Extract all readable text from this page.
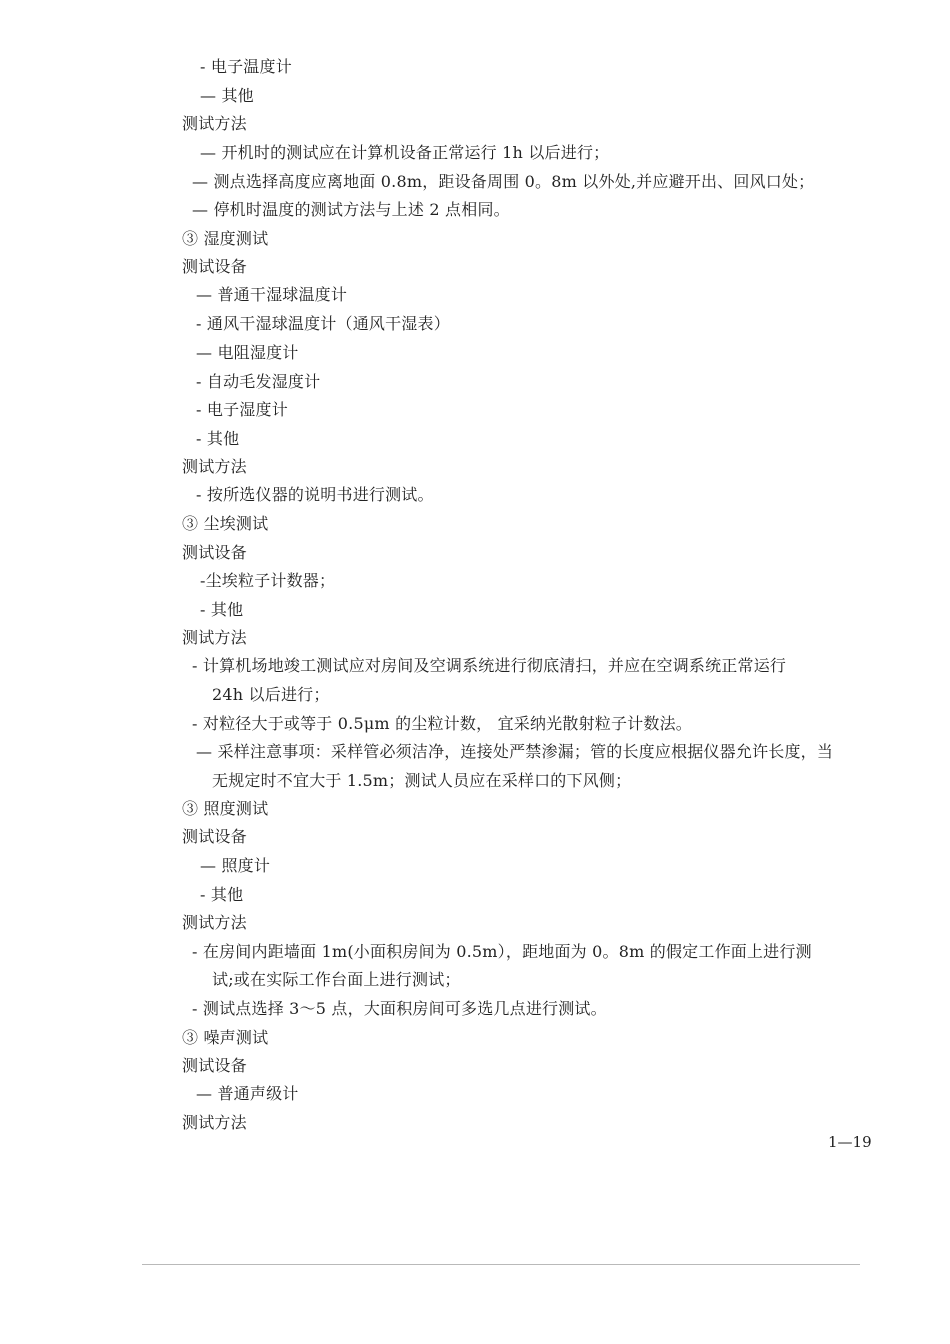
- 电子温度计
— 其他
测试方法
— 开机时的测试应在计算机设备正常运行 1h 以后进行；
— 测点选择高度应离地面 0.8m，距设备周围 0。8m 以外处,并应避开出、回风口处；
— 停机时温度的测试方法与上述 2 点相同。
③ 湿度测试
测试设备
— 普通干湿球温度计
- 通风干湿球温度计（通风干湿表）
— 电阻湿度计
- 自动毛发湿度计
- 电子湿度计
- 其他
测试方法
- 按所选仪器的说明书进行测试。
③ 尘埃测试
测试设备
-尘埃粒子计数器；
- 其他
测试方法
- 计算机场地竣工测试应对房间及空调系统进行彻底清扫，并应在空调系统正常运行
24h 以后进行；
- 对粒径大于或等于 0.5μm 的尘粒计数， 宜采纳光散射粒子计数法。
— 采样注意事项：采样管必须洁净，连接处严禁渗漏；管的长度应根据仪器允许长度，当
无规定时不宜大于 1.5m；测试人员应在采样口的下风侧；
③ 照度测试
测试设备
— 照度计
- 其他
测试方法
- 在房间内距墙面 1m(小面积房间为 0.5m），距地面为 0。8m 的假定工作面上进行测
试;或在实际工作台面上进行测试；
- 测试点选择 3～5 点，大面积房间可多选几点进行测试。
③ 噪声测试
测试设备
— 普通声级计
测试方法
1—19
